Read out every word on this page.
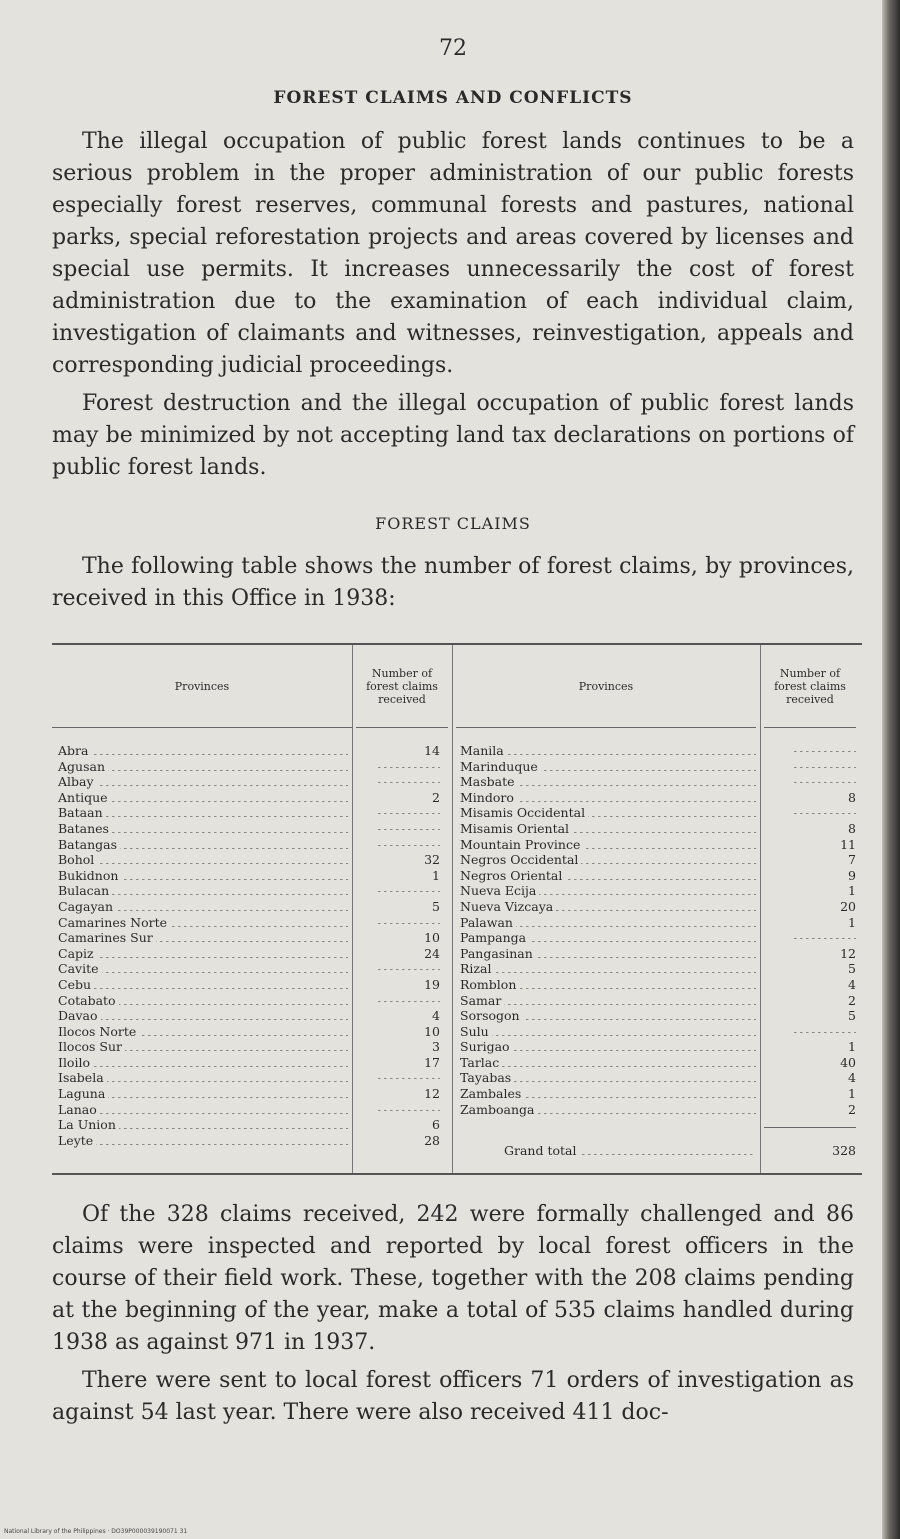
72
FOREST CLAIMS AND CONFLICTS

The illegal occupation of public forest lands continues to be a serious problem in the proper administration of our public forests especially forest reserves, communal forests and pastures, national parks, special reforestation projects and areas covered by licenses and special use permits. It increases unnecessarily the cost of forest administration due to the examination of each individual claim, investigation of claimants and witnesses, reinvestigation, appeals and corresponding judicial proceedings.

Forest destruction and the illegal occupation of public forest lands may be minimized by not accepting land tax declarations on portions of public forest lands.

FOREST CLAIMS

The following table shows the number of forest claims, by provinces, received in this Office in 1938:

Provinces
Number of forest claims received
Provinces
Number of forest claims received
Abra
Agusan
Albay
Antique
Bataan
Batanes
Batangas
Bohol
Bukidnon
Bulacan
Cagayan
Camarines Norte
Camarines Sur
Capiz
Cavite
Cebu
Cotabato
Davao
Ilocos Norte
Ilocos Sur
Iloilo
Isabela
Laguna
Lanao
La Union
Leyte
14
2
32
1
5
10
24
19
4
10
3
17
12
6
28
Manila
Marinduque
Masbate
Mindoro
Misamis Occidental
Misamis Oriental
Mountain Province
Negros Occidental
Negros Oriental
Nueva Ecija
Nueva Vizcaya
Palawan
Pampanga
Pangasinan
Rizal
Romblon
Samar
Sorsogon
Sulu
Surigao
Tarlac
Tayabas
Zambales
Zamboanga
8
8
11
7
9
1
20
1
12
5
4
2
5
1
40
4
1
2
Grand total	328

Of the 328 claims received, 242 were formally challenged and 86 claims were inspected and reported by local forest officers in the course of their field work. These, together with the 208 claims pending at the beginning of the year, make a total of 535 claims handled during 1938 as against 971 in 1937.

There were sent to local forest officers 71 orders of investigation as against 54 last year. There were also received 411 doc-

National Library of the Philippines · DO39P000039190071 31
